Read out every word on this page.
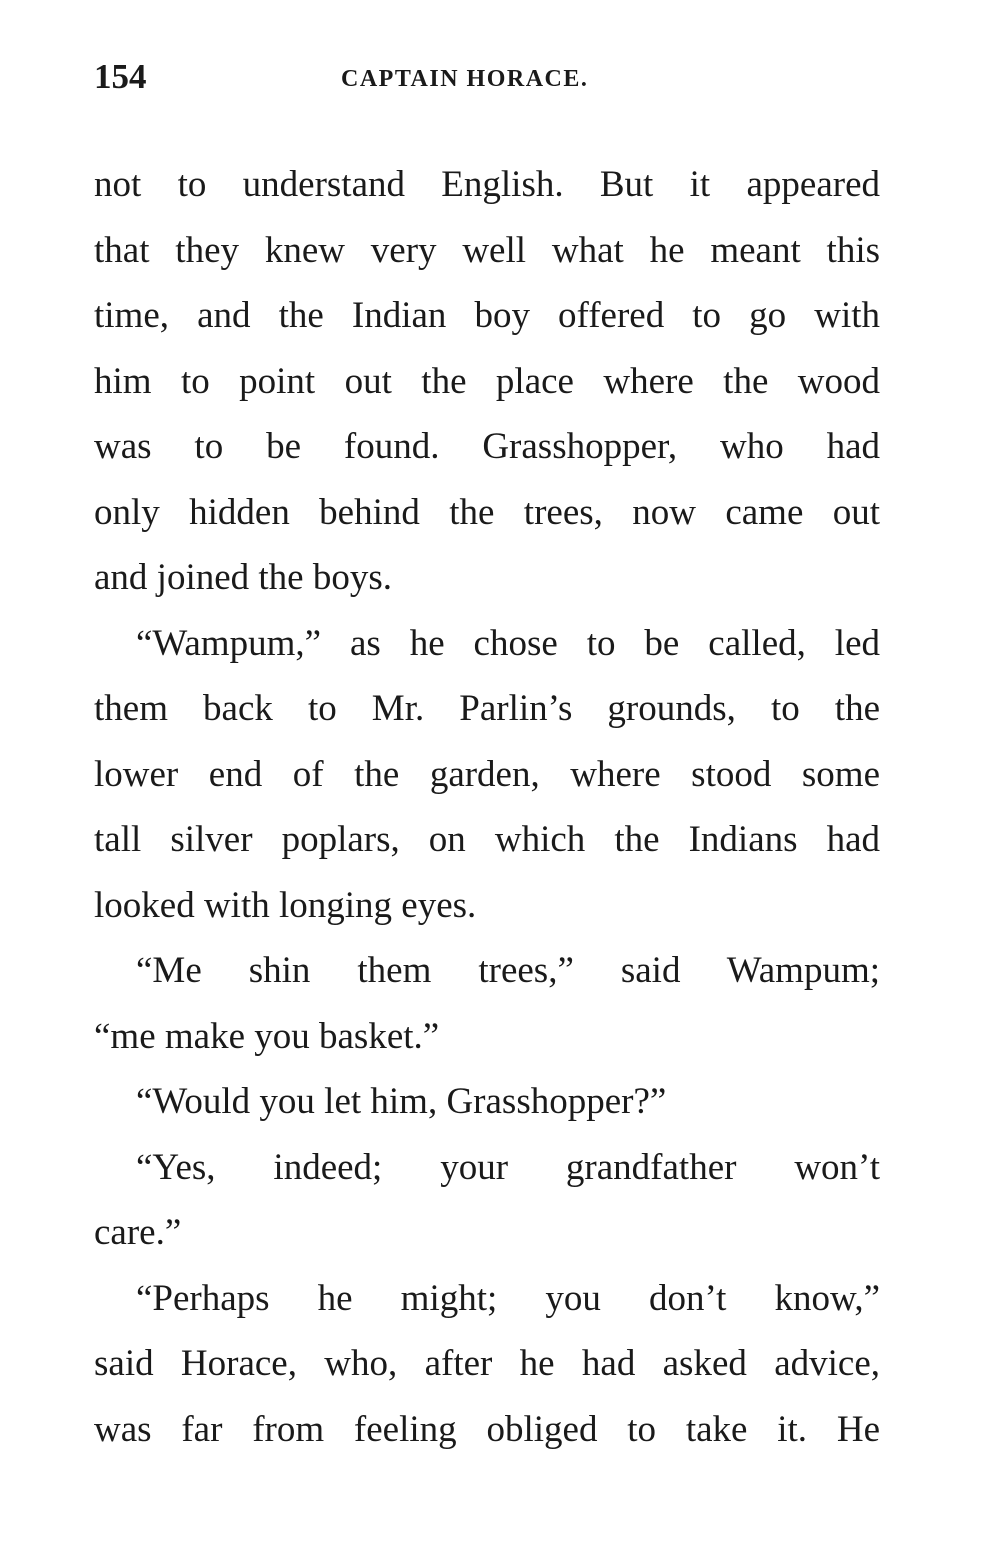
154	CAPTAIN HORACE.
not to understand English. But it appeared
that they knew very well what he meant this
time, and the Indian boy offered to go with
him to point out the place where the wood
was to be found. Grasshopper, who had
only hidden behind the trees, now came out
and joined the boys.
“Wampum,” as he chose to be called, led
them back to Mr. Parlin’s grounds, to the
lower end of the garden, where stood some
tall silver poplars, on which the Indians had
looked with longing eyes.
“Me shin them trees,” said Wampum;
“me make you basket.”
“Would you let him, Grasshopper?”
“Yes, indeed; your grandfather won’t
care.”
“Perhaps he might; you don’t know,”
said Horace, who, after he had asked advice,
was far from feeling obliged to take it. He
